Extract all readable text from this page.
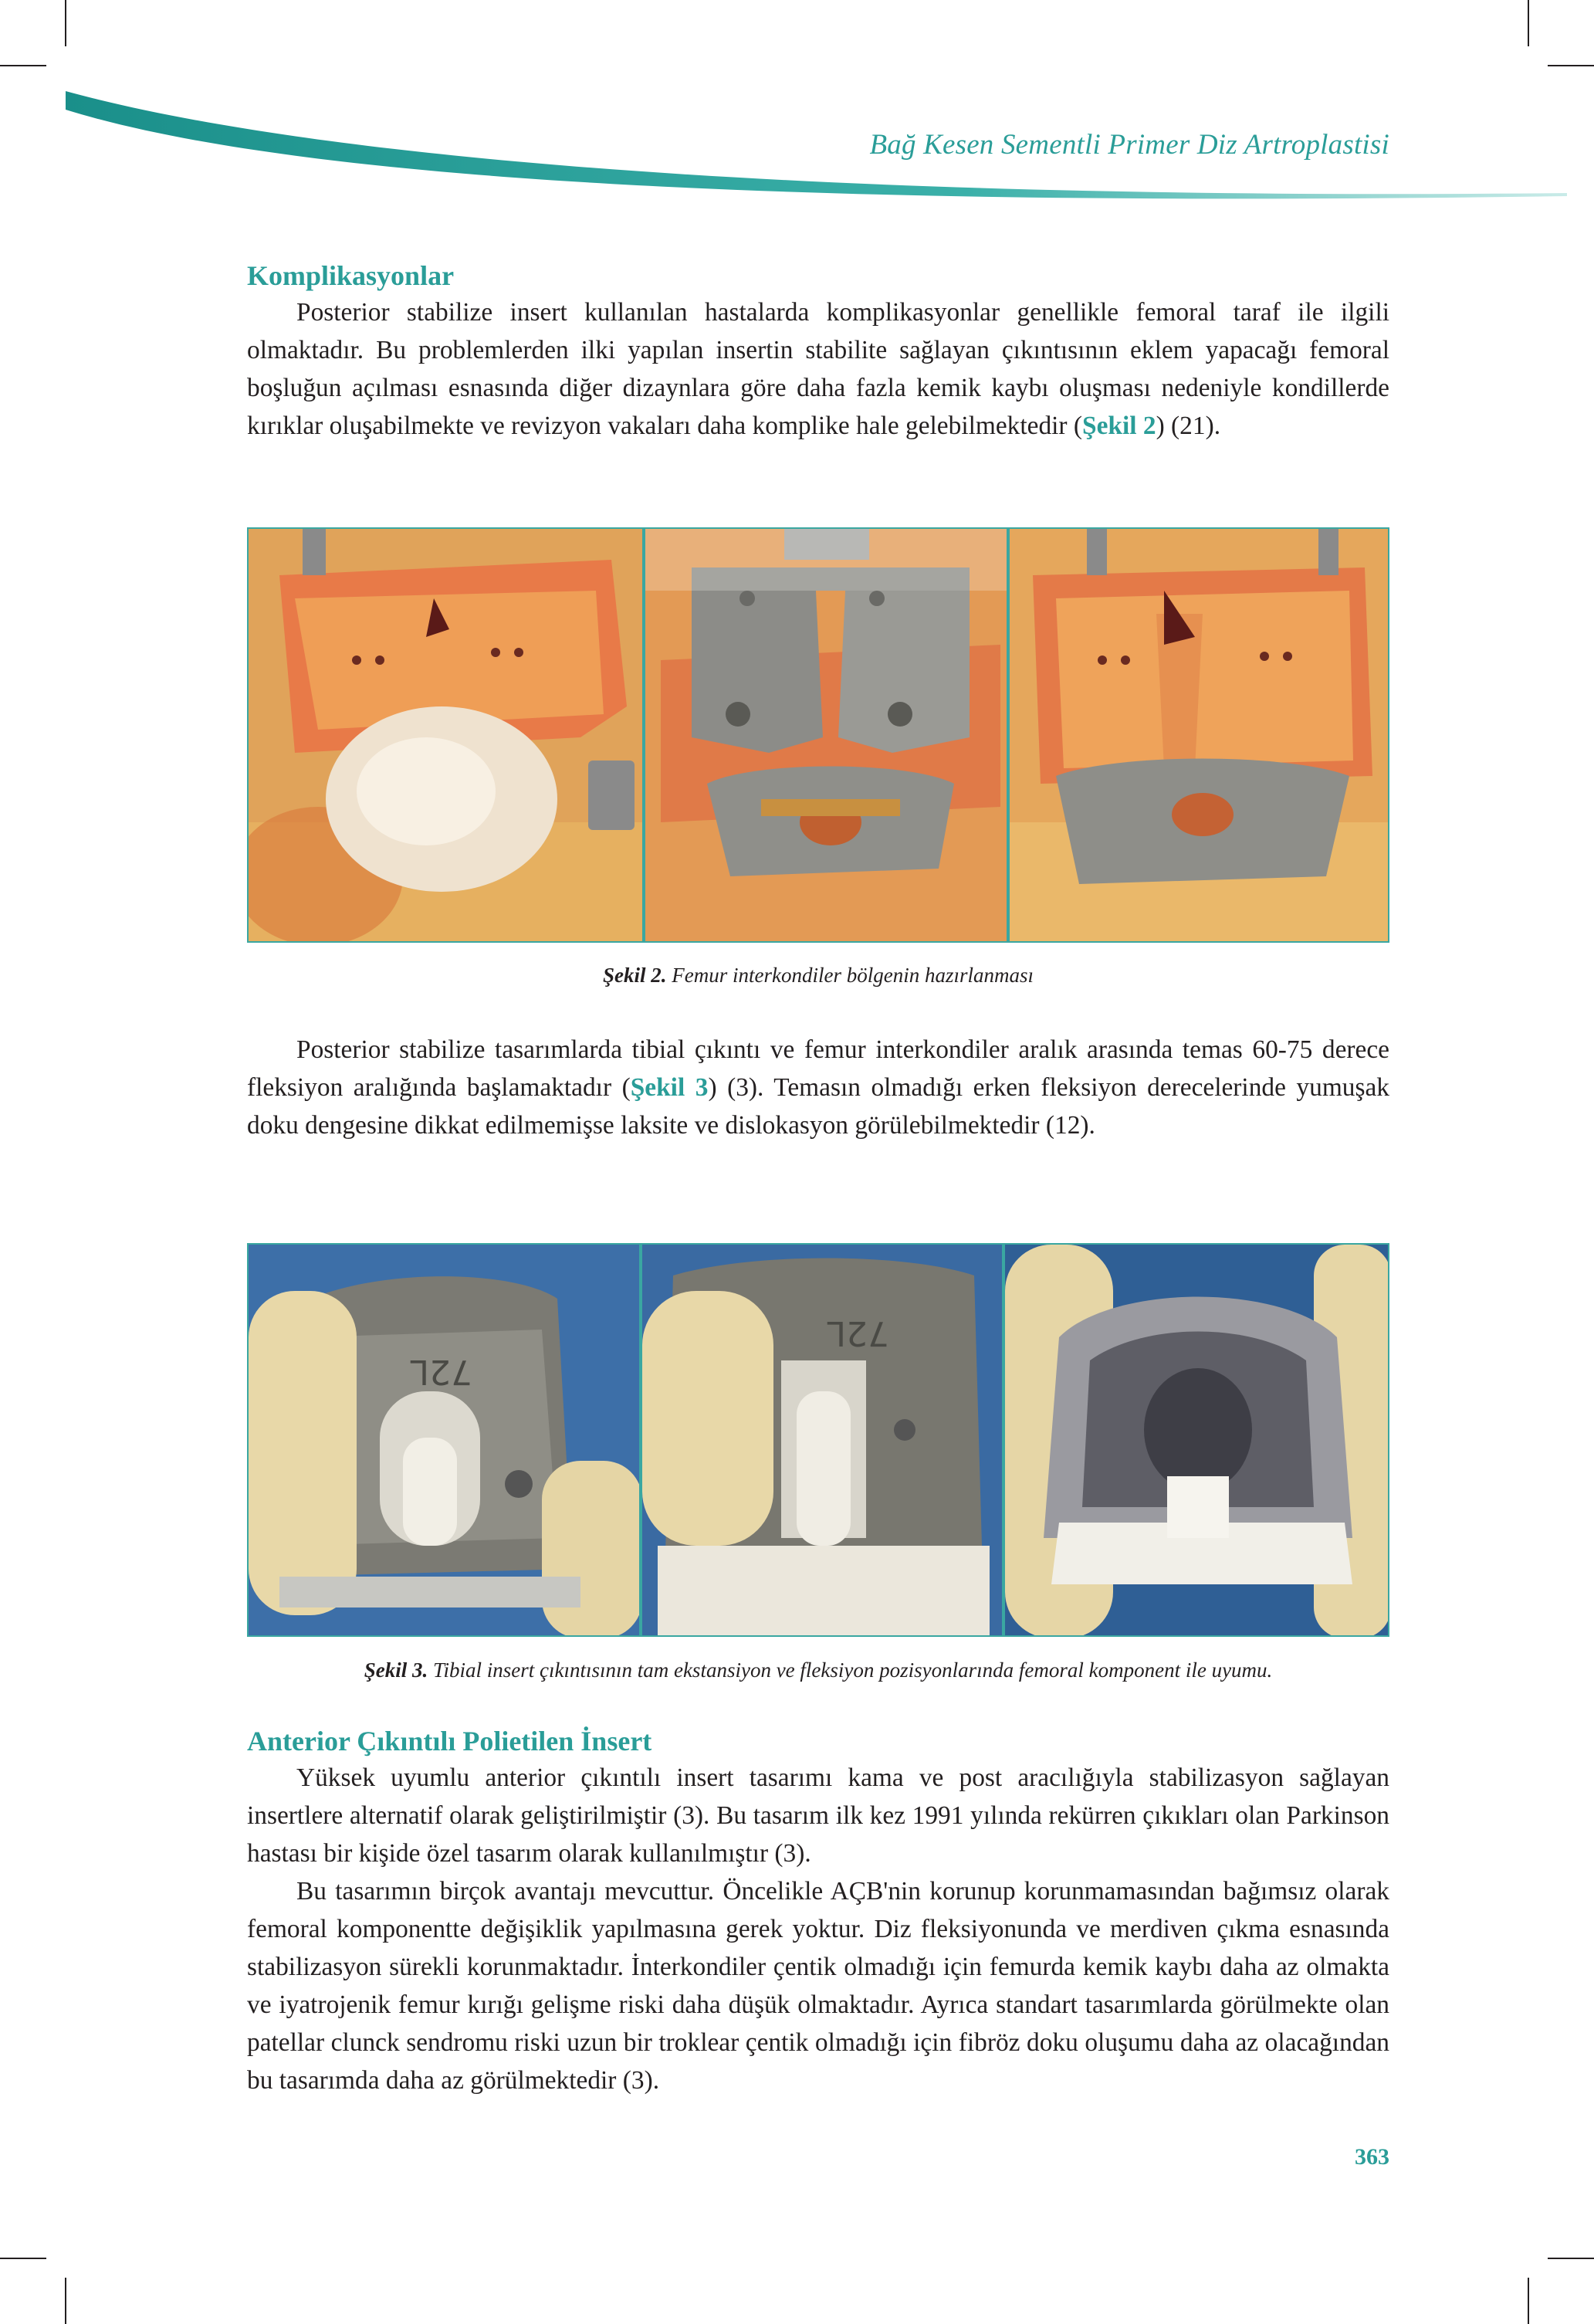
Bağ Kesen Sementli Primer Diz Artroplastisi
Komplikasyonlar

Posterior stabilize insert kullanılan hastalarda komplikasyonlar genellikle femoral taraf ile ilgili olmaktadır. Bu problemlerden ilki yapılan insertin stabilite sağlayan çıkıntısının eklem yapacağı femoral boşluğun açılması esnasında diğer dizaynlara göre daha fazla kemik kaybı oluşması nedeniyle kondillerde kırıklar oluşabilmekte ve revizyon vakaları daha komplike hale gelebilmektedir (Şekil 2) (21).

Şekil 2. Femur interkondiler bölgenin hazırlanması

Posterior stabilize tasarımlarda tibial çıkıntı ve femur interkondiler aralık arasında temas 60-75 derece fleksiyon aralığında başlamaktadır (Şekil 3) (3). Temasın olmadığı erken fleksiyon derecelerinde yumuşak doku dengesine dikkat edilmemişse laksite ve dislokasyon görülebilmektedir (12).

72L
72L
Şekil 3. Tibial insert çıkıntısının tam ekstansiyon ve fleksiyon pozisyonlarında femoral komponent ile uyumu.
Anterior Çıkıntılı Polietilen İnsert

Yüksek uyumlu anterior çıkıntılı insert tasarımı kama ve post aracılığıyla stabilizasyon sağlayan insertlere alternatif olarak geliştirilmiştir (3). Bu tasarım ilk kez 1991 yılında rekürren çıkıkları olan Parkinson hastası bir kişide özel tasarım olarak kullanılmıştır (3).

Bu tasarımın birçok avantajı mevcuttur. Öncelikle AÇB'nin korunup korunmamasından bağımsız olarak femoral komponentte değişiklik yapılmasına gerek yoktur. Diz fleksiyonunda ve merdiven çıkma esnasında stabilizasyon sürekli korunmaktadır. İnterkondiler çentik olmadığı için femurda kemik kaybı daha az olmakta ve iyatrojenik femur kırığı gelişme riski daha düşük olmaktadır. Ayrıca standart tasarımlarda görülmekte olan patellar clunck sendromu riski uzun bir troklear çentik olmadığı için fibröz doku oluşumu daha az olacağından bu tasarımda daha az görülmektedir (3).

363
